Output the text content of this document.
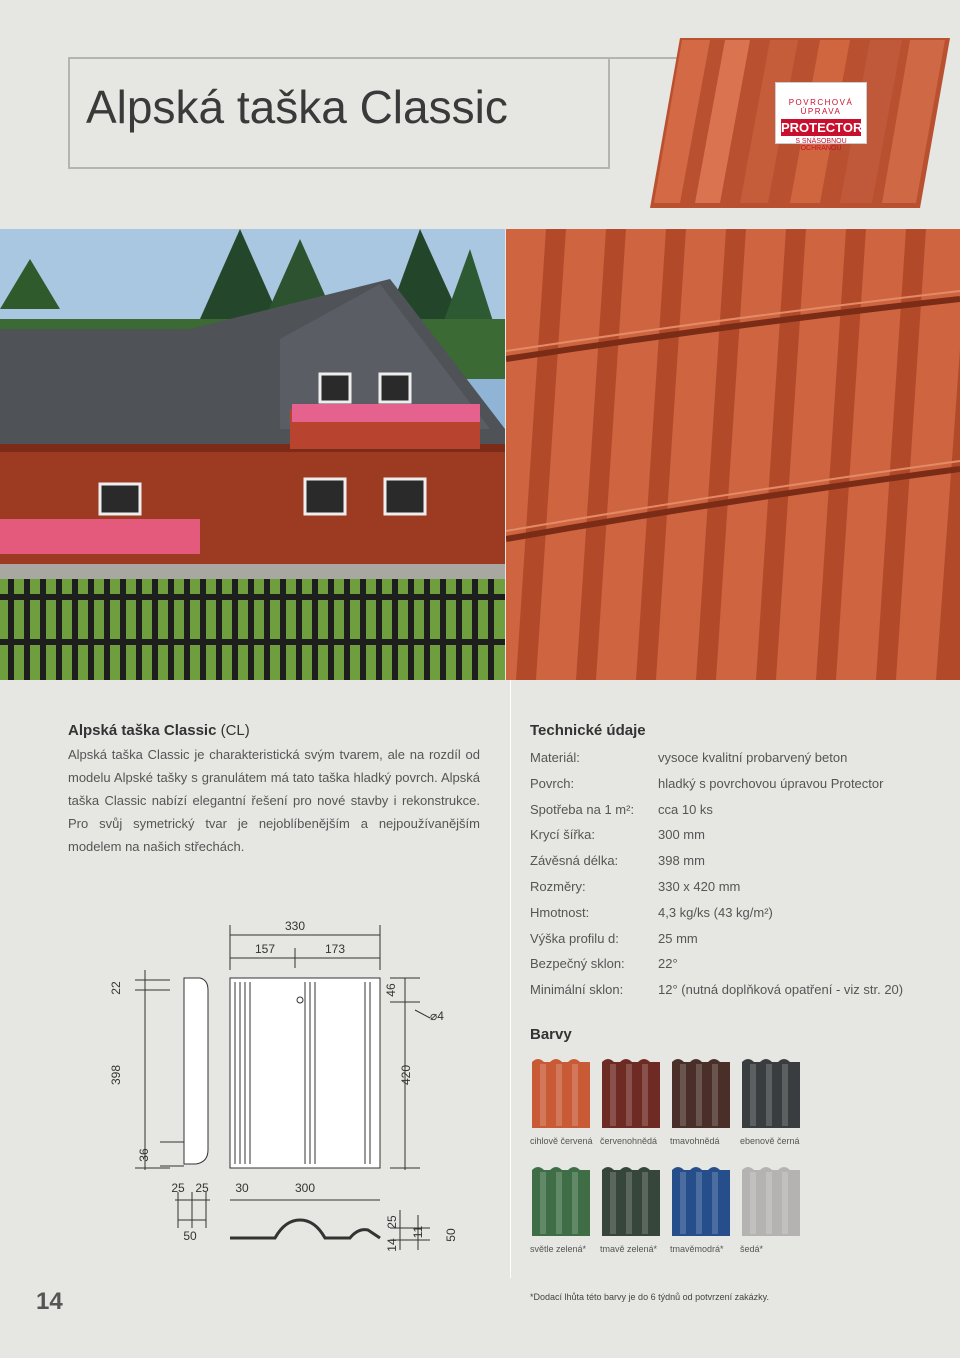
Alpská taška Classic	POVRCHOVÁ ÚPRAVA
PROTECTOR
S SNÁSOBNOU OCHRANOU
Alpská taška Classic (CL)
Alpská taška Classic je charakteristická svým tvarem, ale na rozdíl od modelu Alpské tašky s granulátem má tato taška hladký povrch. Alpská taška Classic nabízí elegantní řešení pro nové stavby i rekonstrukce. Pro svůj symetrický tvar je nejoblíbenějším a nejpoužívanějším modelem na našich střechách.
330
157	173
22
398
36
46
420
⌀4
25 25
50
30	300
14
25
11 50
Technické údaje
Materiál:	vysoce kvalitní probarvený beton
Povrch:	hladký s povrchovou úpravou Protector
Spotřeba na 1 m²: cca 10 ks
Krycí šířka:	300 mm
Závěsná délka:	398 mm
Rozměry:	330 x 420 mm
Hmotnost:	4,3 kg/ks (43 kg/m²)
Výška profilu d:	25 mm
Bezpečný sklon:	22°
Minimální sklon:	12° (nutná doplňková opatření - viz str. 20)
Barvy
cihlově červená červenohnědá tmavohnědá ebenově černá
světle zelená* tmavě zelená* tmavěmodrá* šedá*
14	*Dodací lhůta této barvy je do 6 týdnů od potvrzení zakázky.
